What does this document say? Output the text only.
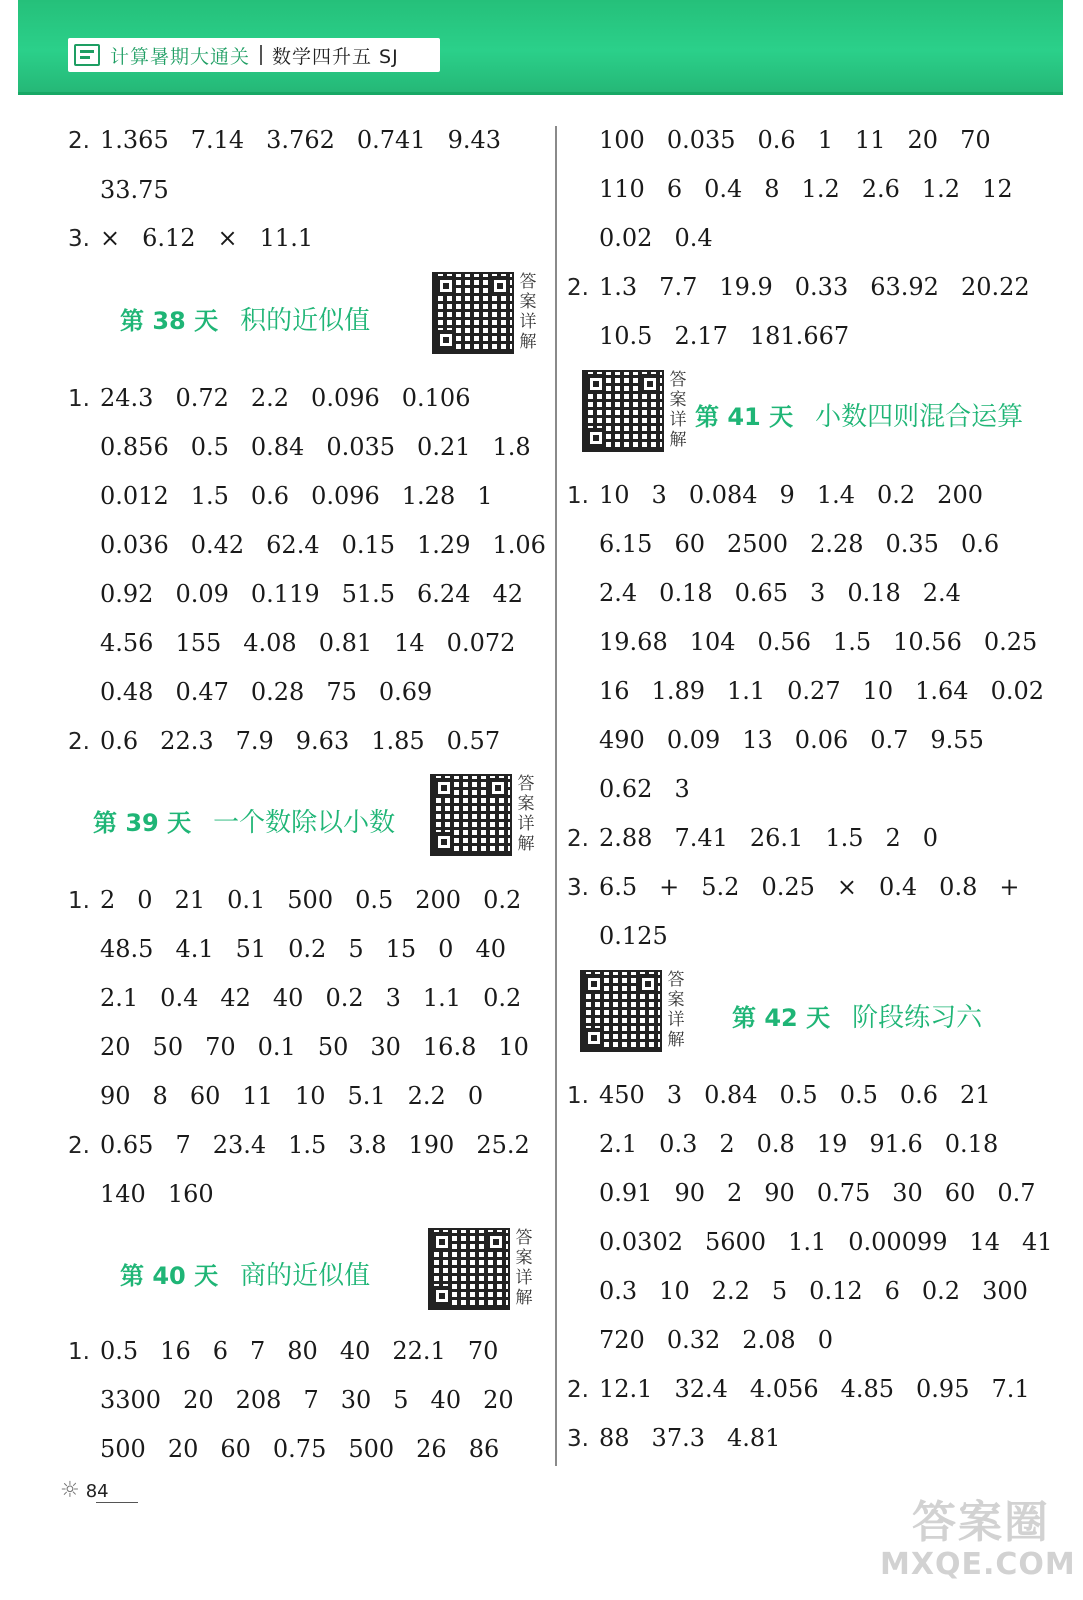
计算暑期大通关 数学四升五 SJ
2. 1.365 7.14 3.762 0.741 9.43
33.75
3. × 6.12 × 11.1
第 38 天 积的近似值
1. 24.3 0.72 2.2 0.096 0.106
0.856 0.5 0.84 0.035 0.21 1.8
0.012 1.5 0.6 0.096 1.28 1
0.036 0.42 62.4 0.15 1.29 1.06
0.92 0.09 0.119 51.5 6.24 42
4.56 155 4.08 0.81 14 0.072
0.48 0.47 0.28 75 0.69
2. 0.6 22.3 7.9 9.63 1.85 0.57
第 39 天 一个数除以小数
1. 2 0 21 0.1 500 0.5 200 0.2
48.5 4.1 51 0.2 5 15 0 40
2.1 0.4 42 40 0.2 3 1.1 0.2
20 50 70 0.1 50 30 16.8 10
90 8 60 11 10 5.1 2.2 0
2. 0.65 7 23.4 1.5 3.8 190 25.2
140 160
第 40 天 商的近似值
1. 0.5 16 6 7 80 40 22.1 70
3300 20 208 7 30 5 40 20
500 20 60 0.75 500 26 86
100 0.035 0.6 1 11 20 70
110 6 0.4 8 1.2 2.6 1.2 12
0.02 0.4
2. 1.3 7.7 19.9 0.33 63.92 20.22
10.5 2.17 181.667
第 41 天 小数四则混合运算
1. 10 3 0.084 9 1.4 0.2 200
6.15 60 2500 2.28 0.35 0.6
2.4 0.18 0.65 3 0.18 2.4
19.68 104 0.56 1.5 10.56 0.25
16 1.89 1.1 0.27 10 1.64 0.02
490 0.09 13 0.06 0.7 9.55
0.62 3
2. 2.88 7.41 26.1 1.5 2 0
3. 6.5 + 5.2 0.25 × 0.4 0.8 +
0.125
第 42 天 阶段练习六
1. 450 3 0.84 0.5 0.5 0.6 21
2.1 0.3 2 0.8 19 91.6 0.18
0.91 90 2 90 0.75 30 60 0.7
0.0302 5600 1.1 0.00099 14 41
0.3 10 2.2 5 0.12 6 0.2 300
720 0.32 2.08 0
2. 12.1 32.4 4.056 4.85 0.95 7.1
3. 88 37.3 4.81
☼ 84
答案圈
MXQE.COM
答
案
详
解
答
案
详
解
答
案
详
解
答
案
详
解
答
案
详
解
